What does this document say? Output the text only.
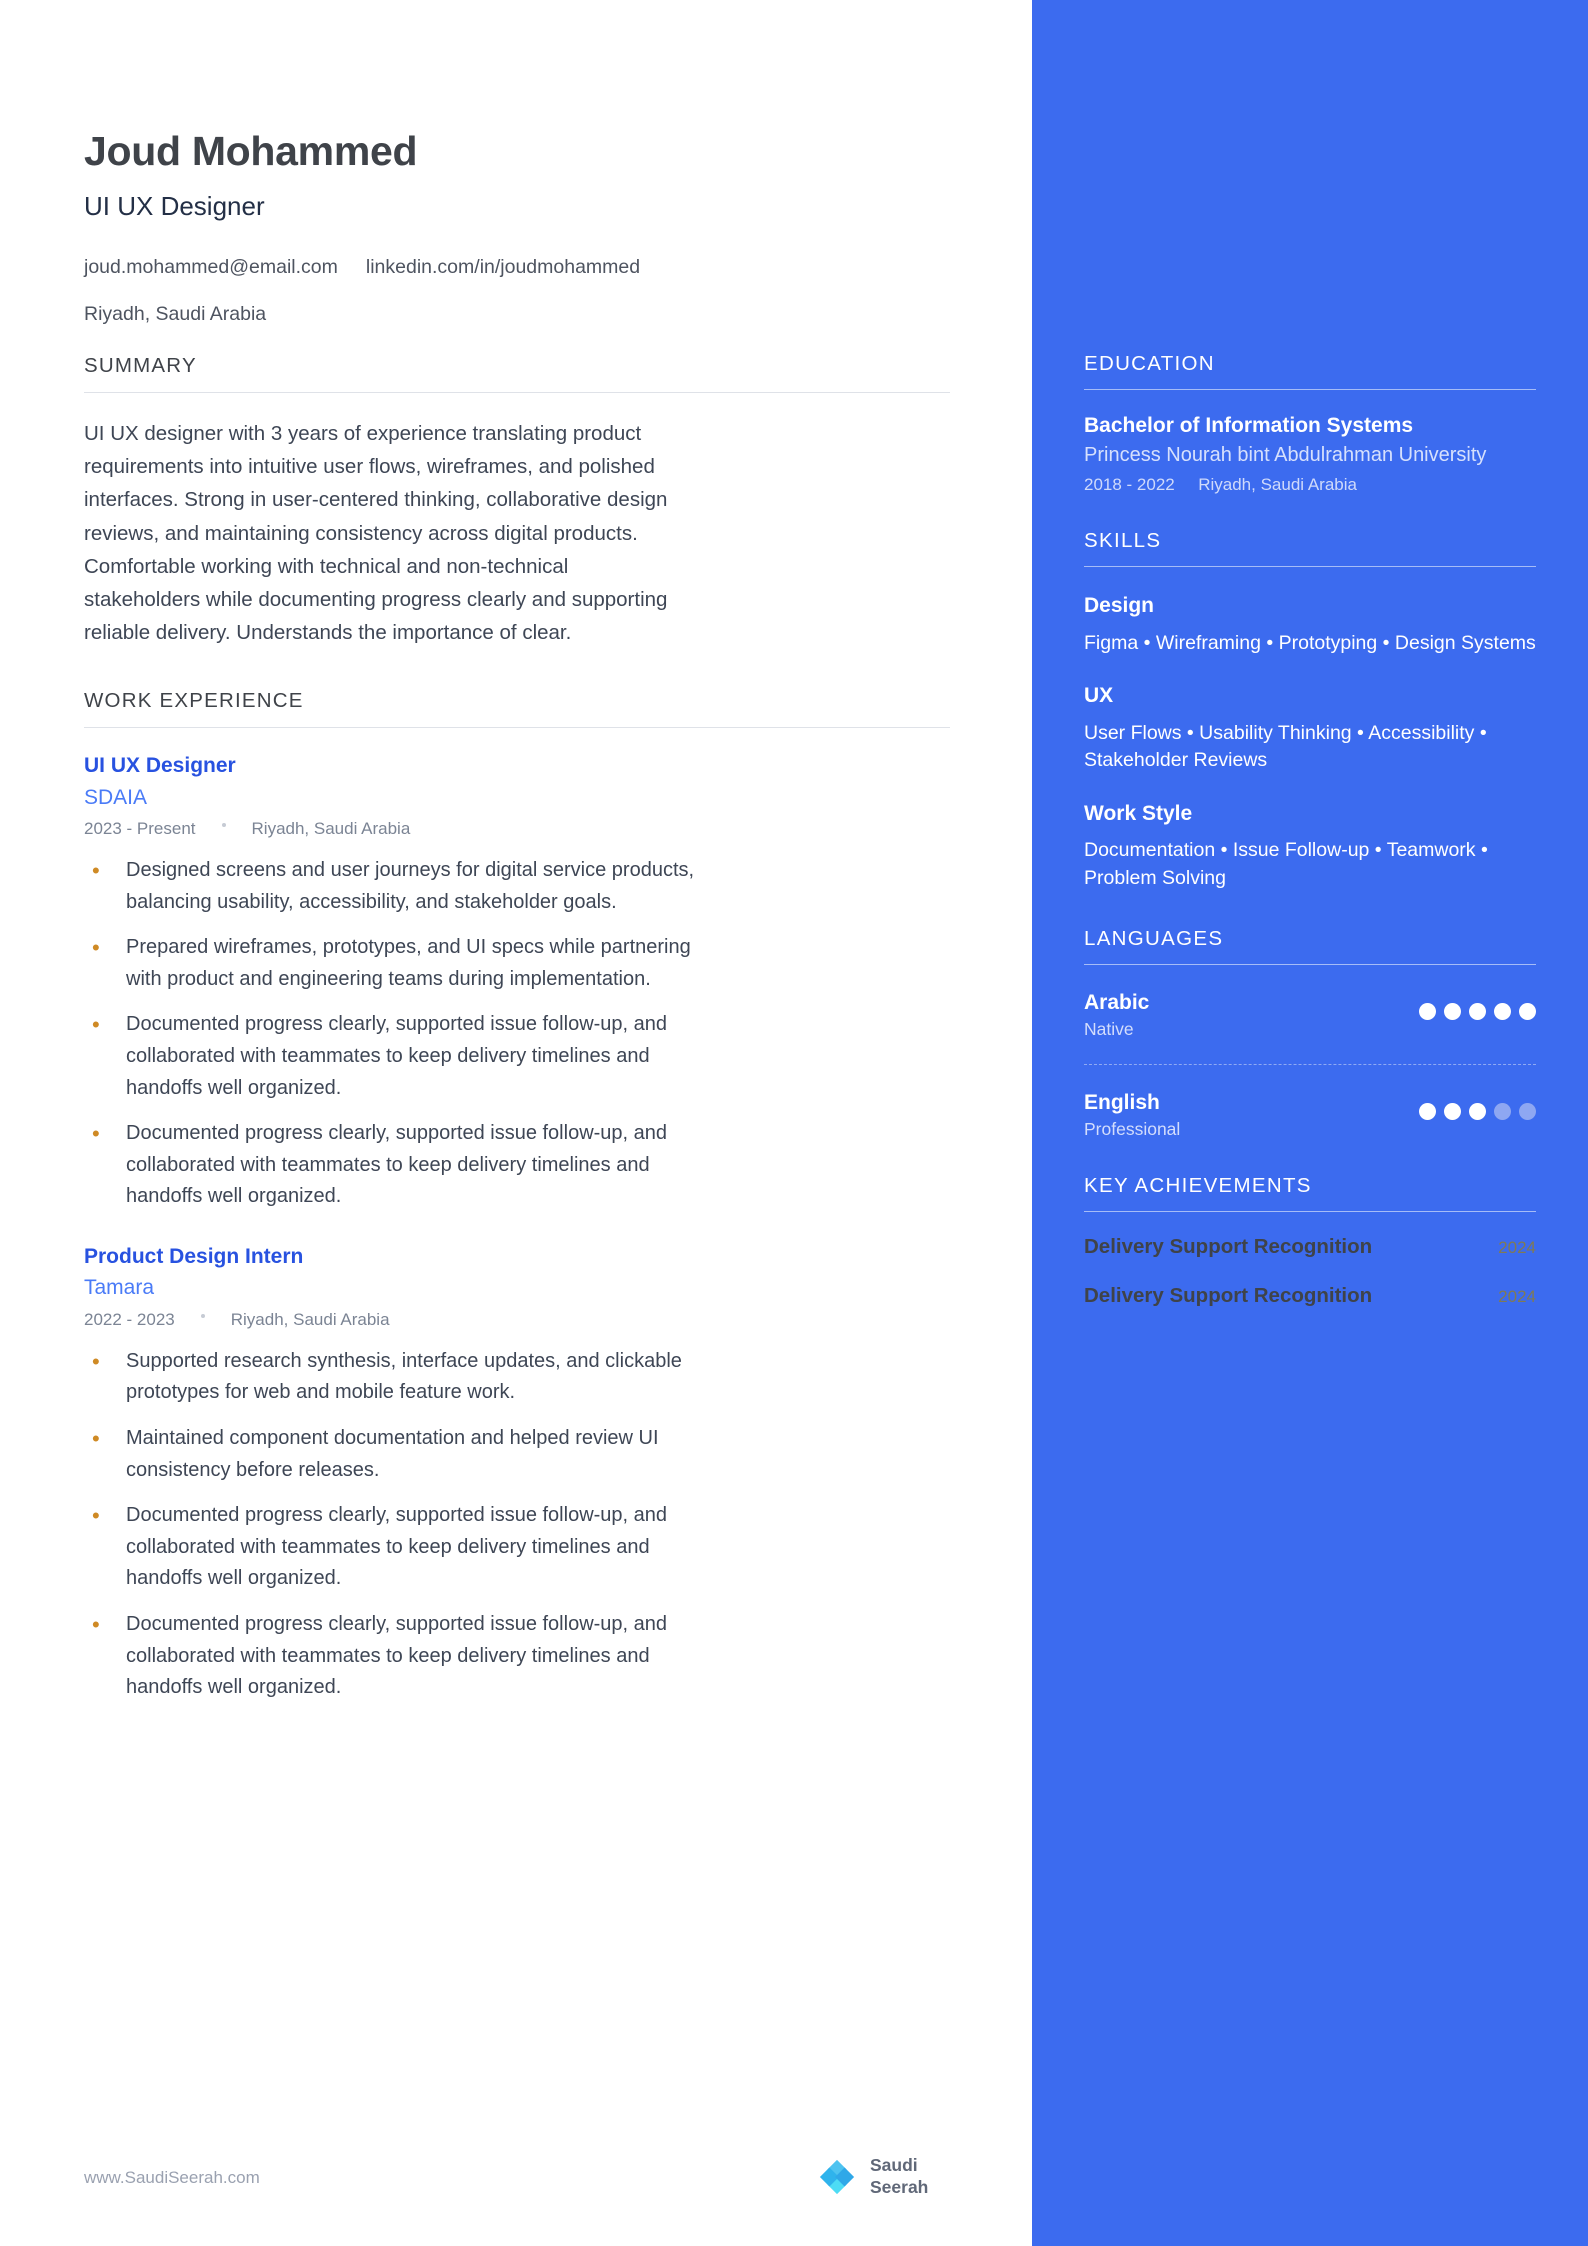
Joud Mohammed
UI UX Designer
joud.mohammed@email.com linkedin.com/in/joudmohammed
Riyadh, Saudi Arabia
SUMMARY
UI UX designer with 3 years of experience translating product requirements into intuitive user flows, wireframes, and polished interfaces. Strong in user-centered thinking, collaborative design reviews, and maintaining consistency across digital products. Comfortable working with technical and non-technical stakeholders while documenting progress clearly and supporting reliable delivery. Understands the importance of clear.
WORK EXPERIENCE
UI UX Designer
SDAIA
2023 - Present	Riyadh, Saudi Arabia
• Designed screens and user journeys for digital service products, balancing usability, accessibility, and stakeholder goals.
• Prepared wireframes, prototypes, and UI specs while partnering with product and engineering teams during implementation.
• Documented progress clearly, supported issue follow-up, and collaborated with teammates to keep delivery timelines and handoffs well organized.
• Documented progress clearly, supported issue follow-up, and collaborated with teammates to keep delivery timelines and handoffs well organized.
Product Design Intern
Tamara
2022 - 2023	Riyadh, Saudi Arabia
• Supported research synthesis, interface updates, and clickable prototypes for web and mobile feature work.
• Maintained component documentation and helped review UI consistency before releases.
• Documented progress clearly, supported issue follow-up, and collaborated with teammates to keep delivery timelines and handoffs well organized.
• Documented progress clearly, supported issue follow-up, and collaborated with teammates to keep delivery timelines and handoffs well organized.
EDUCATION
Bachelor of Information Systems
Princess Nourah bint Abdulrahman University
2018 - 2022 Riyadh, Saudi Arabia
SKILLS
Design
Figma • Wireframing • Prototyping • Design Systems
UX
User Flows • Usability Thinking • Accessibility • Stakeholder Reviews
Work Style
Documentation • Issue Follow-up • Teamwork • Problem Solving
LANGUAGES
Arabic
Native
English
Professional
KEY ACHIEVEMENTS
Delivery Support Recognition	2024
Delivery Support Recognition	2024
www.SaudiSeerah.com
Saudi
Seerah
